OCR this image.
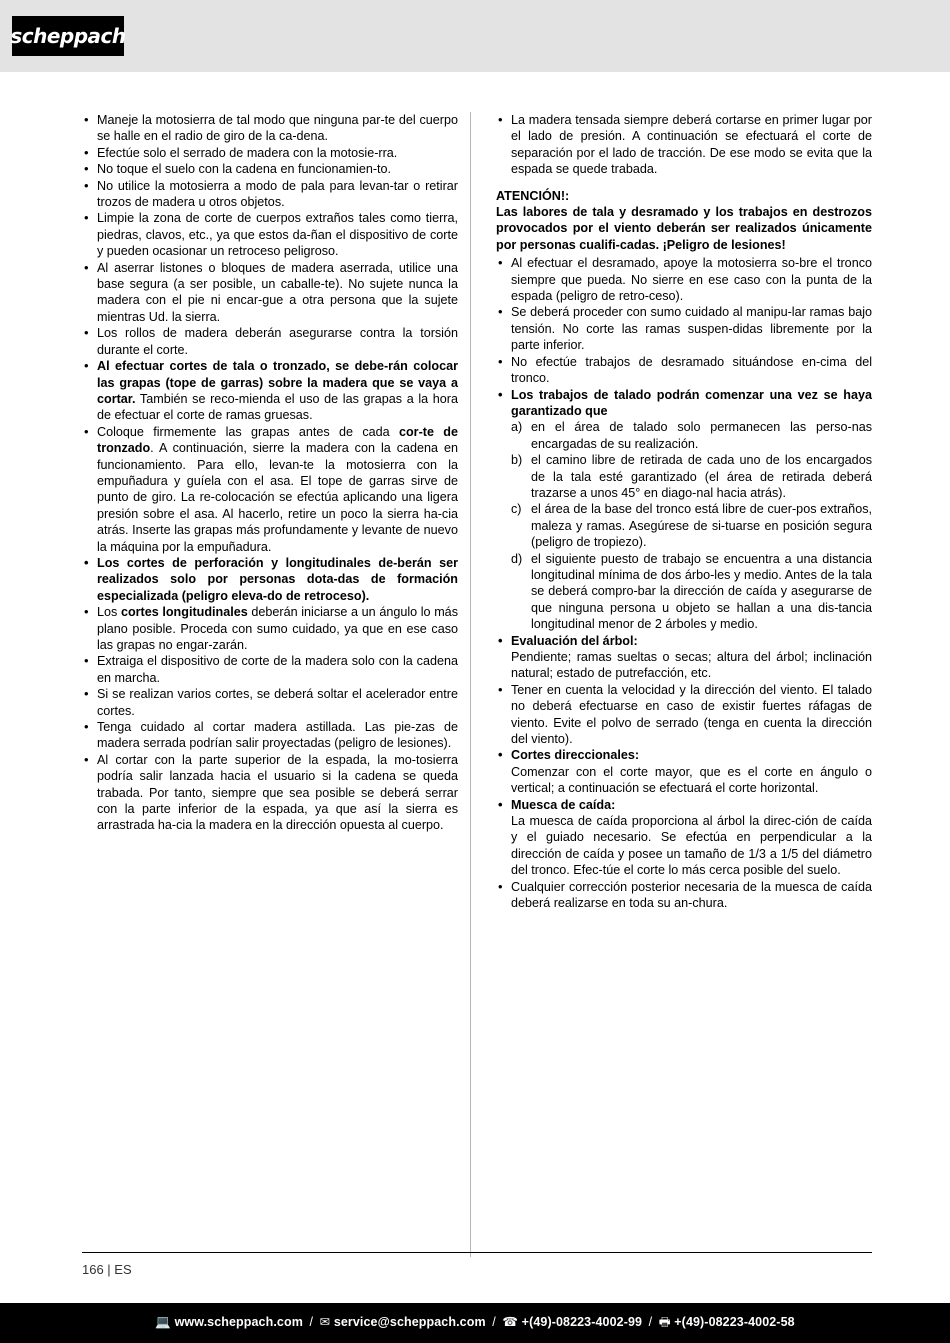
scheppach
• Maneje la motosierra de tal modo que ninguna par-te del cuerpo se halle en el radio de giro de la ca-dena.
• Efectúe solo el serrado de madera con la motosie-rra.
• No toque el suelo con la cadena en funcionamien-to.
• No utilice la motosierra a modo de pala para levan-tar o retirar trozos de madera u otros objetos.
• Limpie la zona de corte de cuerpos extraños tales como tierra, piedras, clavos, etc., ya que estos da-ñan el dispositivo de corte y pueden ocasionar un retroceso peligroso.
• Al aserrar listones o bloques de madera aserrada, utilice una base segura (a ser posible, un caballe-te). No sujete nunca la madera con el pie ni encar-gue a otra persona que la sujete mientras Ud. la sierra.
• Los rollos de madera deberán asegurarse contra la torsión durante el corte.
• Al efectuar cortes de tala o tronzado, se debe-rán colocar las grapas (tope de garras) sobre la madera que se vaya a cortar. También se reco-mienda el uso de las grapas a la hora de efectuar el corte de ramas gruesas.
• Coloque firmemente las grapas antes de cada cor-te de tronzado. A continuación, sierre la madera con la cadena en funcionamiento. Para ello, levan-te la motosierra con la empuñadura y guíela con el asa. El tope de garras sirve de punto de giro. La re-colocación se efectúa aplicando una ligera presión sobre el asa. Al hacerlo, retire un poco la sierra ha-cia atrás. Inserte las grapas más profundamente y levante de nuevo la máquina por la empuñadura.
• Los cortes de perforación y longitudinales de-berán ser realizados solo por personas dota-das de formación especializada (peligro eleva-do de retroceso).
• Los cortes longitudinales deberán iniciarse a un ángulo lo más plano posible. Proceda con sumo cuidado, ya que en ese caso las grapas no engar-zarán.
• Extraiga el dispositivo de corte de la madera solo con la cadena en marcha.
• Si se realizan varios cortes, se deberá soltar el acelerador entre cortes.
• Tenga cuidado al cortar madera astillada. Las pie-zas de madera serrada podrían salir proyectadas (peligro de lesiones).
• Al cortar con la parte superior de la espada, la mo-tosierra podría salir lanzada hacia el usuario si la cadena se queda trabada. Por tanto, siempre que sea posible se deberá serrar con la parte inferior de la espada, ya que así la sierra es arrastrada ha-cia la madera en la dirección opuesta al cuerpo.
• La madera tensada siempre deberá cortarse en primer lugar por el lado de presión. A continuación se efectuará el corte de separación por el lado de tracción. De ese modo se evita que la espada se quede trabada.
ATENCIÓN!:
Las labores de tala y desramado y los trabajos en destrozos provocados por el viento deberán ser realizados únicamente por personas cualifi-cadas. ¡Peligro de lesiones!
• Al efectuar el desramado, apoye la motosierra so-bre el tronco siempre que pueda. No sierre en ese caso con la punta de la espada (peligro de retro-ceso).
• Se deberá proceder con sumo cuidado al manipu-lar ramas bajo tensión. No corte las ramas suspen-didas libremente por la parte inferior.
• No efectúe trabajos de desramado situándose en-cima del tronco.
• Los trabajos de talado podrán comenzar una vez se haya garantizado que
a) en el área de talado solo permanecen las perso-nas encargadas de su realización.
b) el camino libre de retirada de cada uno de los encargados de la tala esté garantizado (el área de retirada deberá trazarse a unos 45° en diago-nal hacia atrás).
c) el área de la base del tronco está libre de cuer-pos extraños, maleza y ramas. Asegúrese de si-tuarse en posición segura (peligro de tropiezo).
d) el siguiente puesto de trabajo se encuentra a una distancia longitudinal mínima de dos árbo-les y medio. Antes de la tala se deberá compro-bar la dirección de caída y asegurarse de que ninguna persona u objeto se hallan a una dis-tancia longitudinal menor de 2 árboles y medio.
• Evaluación del árbol:
Pendiente; ramas sueltas o secas; altura del árbol; inclinación natural; estado de putrefacción, etc.
• Tener en cuenta la velocidad y la dirección del viento. El talado no deberá efectuarse en caso de existir fuertes ráfagas de viento. Evite el polvo de serrado (tenga en cuenta la dirección del viento).
• Cortes direccionales:
Comenzar con el corte mayor, que es el corte en ángulo o vertical; a continuación se efectuará el corte horizontal.
• Muesca de caída:
La muesca de caída proporciona al árbol la direc-ción de caída y el guiado necesario. Se efectúa en perpendicular a la dirección de caída y posee un tamaño de 1/3 a 1/5 del diámetro del tronco. Efec-túe el corte lo más cerca posible del suelo.
• Cualquier corrección posterior necesaria de la muesca de caída deberá realizarse en toda su an-chura.
166 | ES
💻 www.scheppach.com / ✉ service@scheppach.com / ☎ +(49)-08223-4002-99 / 🖶 +(49)-08223-4002-58
